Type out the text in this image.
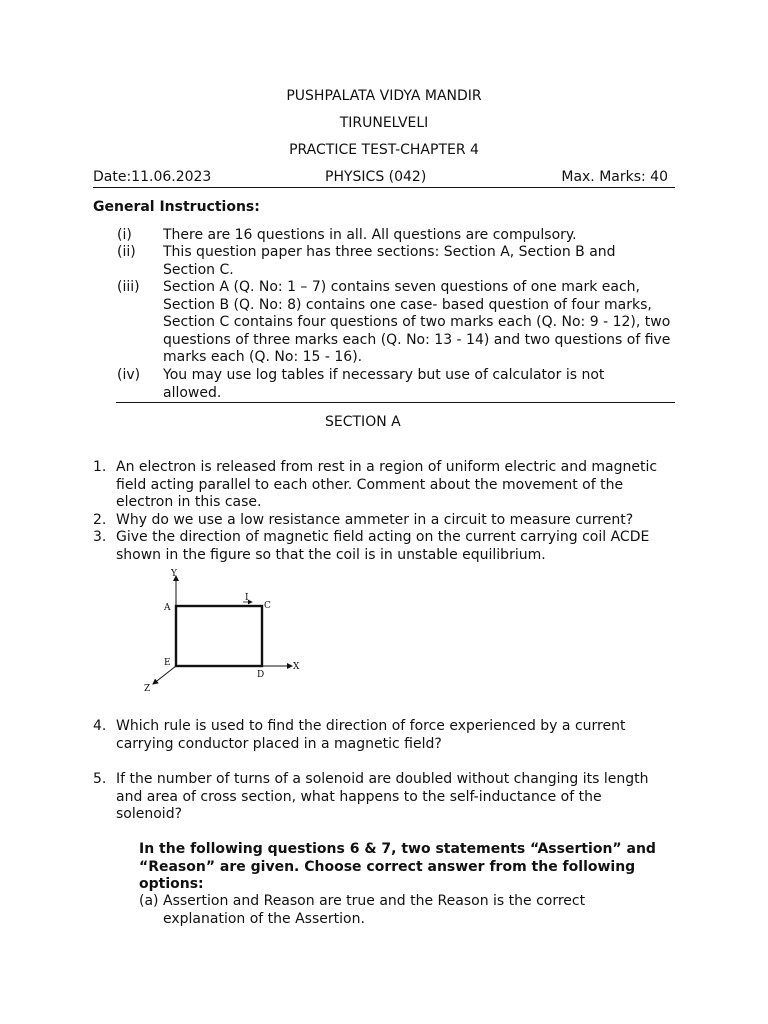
PUSHPALATA VIDYA MANDIR
TIRUNELVELI
PRACTICE TEST-CHAPTER 4
Date:11.06.2023	PHYSICS (042)	Max. Marks: 40
General Instructions:
(i) There are 16 questions in all. All questions are compulsory.
(ii) This question paper has three sections: Section A, Section B and Section C.
(iii) Section A (Q. No: 1 – 7) contains seven questions of one mark each, Section B (Q. No: 8) contains one case- based question of four marks, Section C contains four questions of two marks each (Q. No: 9 - 12), two questions of three marks each (Q. No: 13 - 14) and two questions of five marks each (Q. No: 15 - 16).
(iv) You may use log tables if necessary but use of calculator is not allowed.
SECTION A
1. An electron is released from rest in a region of uniform electric and magnetic field acting parallel to each other. Comment about the movement of the electron in this case.
2. Why do we use a low resistance ammeter in a circuit to measure current?
3. Give the direction of magnetic field acting on the current carrying coil ACDE shown in the figure so that the coil is in unstable equilibrium.
Y
A
I
C
E
D
X
Z
4. Which rule is used to find the direction of force experienced by a current carrying conductor placed in a magnetic field?
5. If the number of turns of a solenoid are doubled without changing its length and area of cross section, what happens to the self-inductance of the solenoid?
In the following questions 6 & 7, two statements “Assertion” and “Reason” are given. Choose correct answer from the following options:
(a) Assertion and Reason are true and the Reason is the correct explanation of the Assertion.
